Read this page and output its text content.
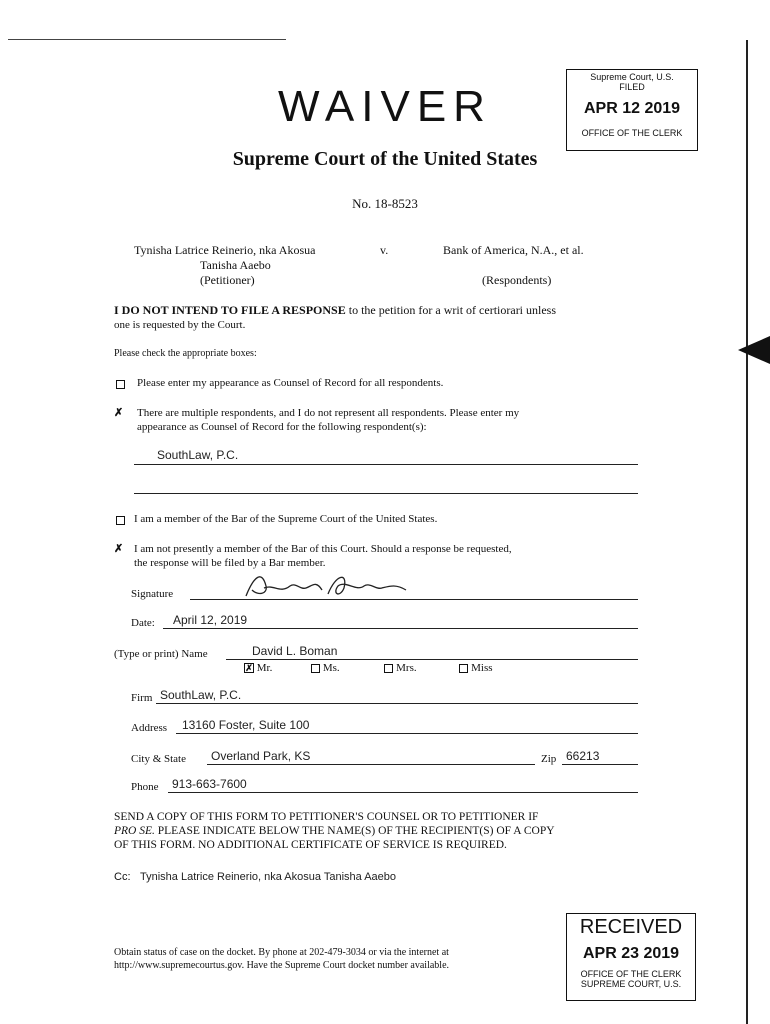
Supreme Court, U.S.
FILED
APR 12 2019
OFFICE OF THE CLERK
WAIVER
Supreme Court of the United States
No. 18-8523
Tynisha Latrice Reinerio, nka Akosua
Tanisha Aaebo
(Petitioner)
v.	Bank of America, N.A., et al.
(Respondents)
I DO NOT INTEND TO FILE A RESPONSE to the petition for a writ of certiorari unless
one is requested by the Court.
Please check the appropriate boxes:
Please enter my appearance as Counsel of Record for all respondents.
✗ There are multiple respondents, and I do not represent all respondents. Please enter my
appearance as Counsel of Record for the following respondent(s):
SouthLaw, P.C.
I am a member of the Bar of the Supreme Court of the United States.
✗ I am not presently a member of the Bar of this Court. Should a response be requested,
the response will be filed by a Bar member.
Signature
Date: April 12, 2019
(Type or print) Name	David L. Boman
✗ Mr.	Ms.	Mrs.	Miss
Firm SouthLaw, P.C.
Address 13160 Foster, Suite 100
City & State Overland Park, KS	Zip 66213
Phone 913-663-7600
SEND A COPY OF THIS FORM TO PETITIONER'S COUNSEL OR TO PETITIONER IF
PRO SE. PLEASE INDICATE BELOW THE NAME(S) OF THE RECIPIENT(S) OF A COPY
OF THIS FORM. NO ADDITIONAL CERTIFICATE OF SERVICE IS REQUIRED.
Cc: Tynisha Latrice Reinerio, nka Akosua Tanisha Aaebo
Obtain status of case on the docket. By phone at 202-479-3034 or via the internet at
http://www.supremecourtus.gov. Have the Supreme Court docket number available.
RECEIVED
APR 23 2019
OFFICE OF THE CLERK
SUPREME COURT, U.S.
